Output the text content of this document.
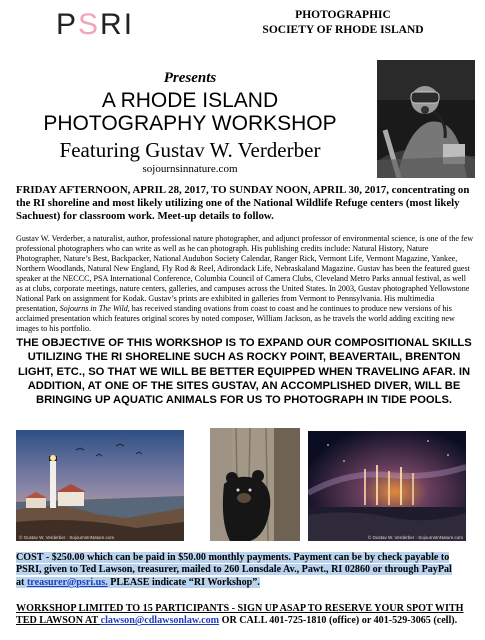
PSRI	PHOTOGRAPHIC
SOCIETY OF RHODE ISLAND
Presents
A RHODE ISLAND
PHOTOGRAPHY WORKSHOP
Featuring Gustav W. Verderber
sojournsinnature.com
FRIDAY AFTERNOON, APRIL 28, 2017, TO SUNDAY NOON, APRIL 30, 2017, concentrating on the RI shoreline and most likely utilizing one of the National Wildlife Refuge centers (most likely Sachuest) for classroom work. Meet-up details to follow.
Gustav W. Verderber, a naturalist, author, professional nature photographer, and adjunct professor of environmental science, is one of the few professional photographers who can write as well as he can photograph. His publishing credits include: Natural History, Nature Photographer, Nature’s Best, Backpacker, National Audubon Society Calendar, Ranger Rick, Vermont Life, Vermont Magazine, Yankee, Northern Woodlands, Natural New England, Fly Rod & Reel, Adirondack Life, Nebraskaland Magazine. Gustav has been the featured guest speaker at the NECCC, PSA International Conference, Columbia Council of Camera Clubs, Cleveland Metro Parks annual festival, as well as at clubs, corporate meetings, nature centers, galleries, and campuses across the United States. In 2003, Gustav photographed Yellowstone National Park on assignment for Kodak. Gustav’s prints are exhibited in galleries from Vermont to Pennsylvania. His multimedia presentation, Sojourns in The Wild, has received standing ovations from coast to coast and he continues to produce new versions of his acclaimed presentation which features original scores by noted composer, William Jackson, as he travels the world adding exciting new images to his portfolio.
THE OBJECTIVE OF THIS WORKSHOP IS TO EXPAND OUR COMPOSITIONAL SKILLS UTILIZING THE RI SHORELINE SUCH AS ROCKY POINT, BEAVERTAIL, BRENTON LIGHT, ETC., SO THAT WE WILL BE BETTER EQUIPPED WHEN TRAVELING AFAR. IN ADDITION, AT ONE OF THE SITES GUSTAV, AN ACCOMPLISHED DIVER, WILL BE BRINGING UP AQUATIC ANIMALS FOR US TO PHOTOGRAPH IN TIDE POOLS.
© Gustav W. Verderber · SojournsInNature.com	© Gustav W. Verderber · SojournsInNature.com
COST - $250.00 which can be paid in $50.00 monthly payments. Payment can be by check payable to PSRI, given to Ted Lawson, treasurer, mailed to 260 Lonsdale Av., Pawt., RI 02860 or through PayPal at treasurer@psri.us. PLEASE indicate “RI Workshop”.
WORKSHOP LIMITED TO 15 PARTICIPANTS - SIGN UP ASAP TO RESERVE YOUR SPOT WITH TED LAWSON AT clawson@cdlawsonlaw.com OR CALL 401-725-1810 (office) or 401-529-3065 (cell).
